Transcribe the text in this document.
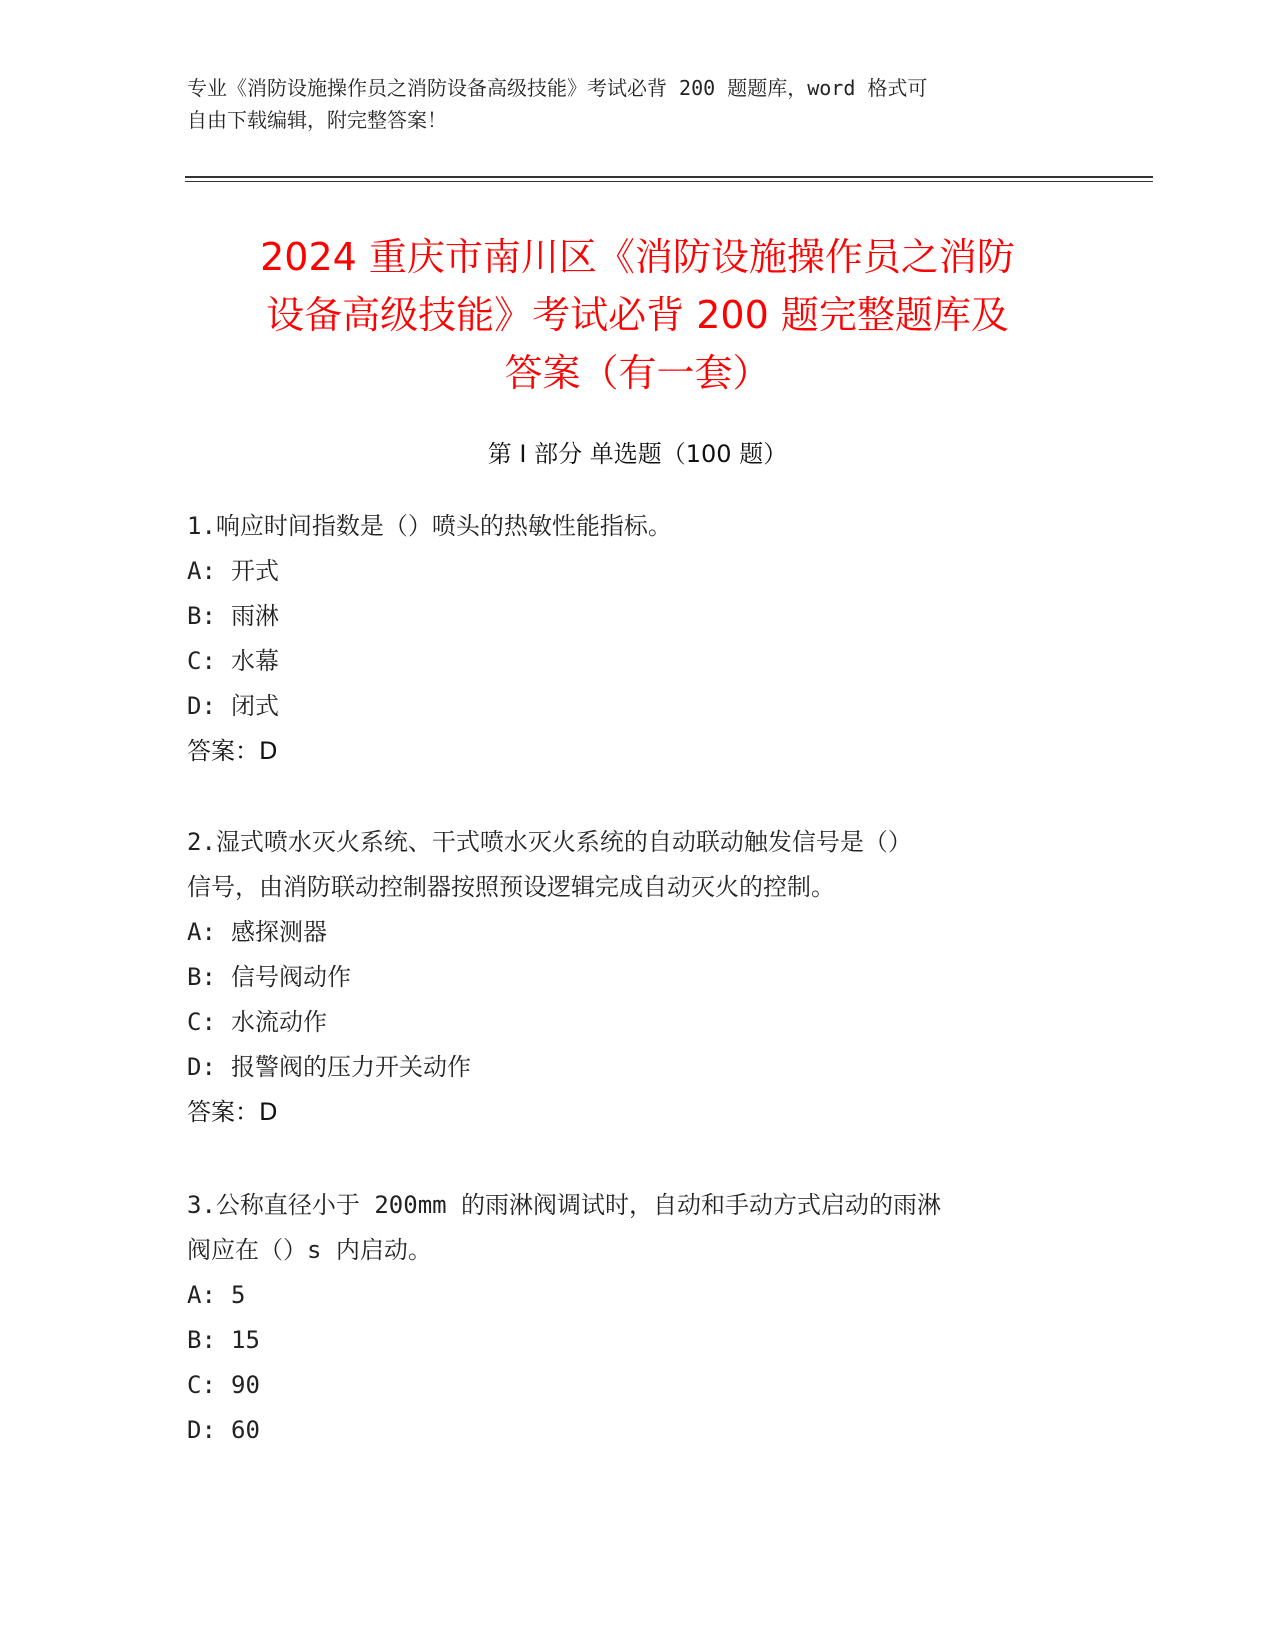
专业《消防设施操作员之消防设备高级技能》考试必背 200 题题库，word 格式可
自由下载编辑，附完整答案！
2024 重庆市南川区《消防设施操作员之消防
设备高级技能》考试必背 200 题完整题库及
答案（有一套）
第 I 部分 单选题（100 题）
1.响应时间指数是（）喷头的热敏性能指标。
A: 开式
B: 雨淋
C: 水幕
D: 闭式
答案：D
2.湿式喷水灭火系统、干式喷水灭火系统的自动联动触发信号是（）
信号，由消防联动控制器按照预设逻辑完成自动灭火的控制。
A: 感探测器
B: 信号阀动作
C: 水流动作
D: 报警阀的压力开关动作
答案：D
3.公称直径小于 200mm 的雨淋阀调试时，自动和手动方式启动的雨淋
阀应在（）s 内启动。
A: 5
B: 15
C: 90
D: 60
